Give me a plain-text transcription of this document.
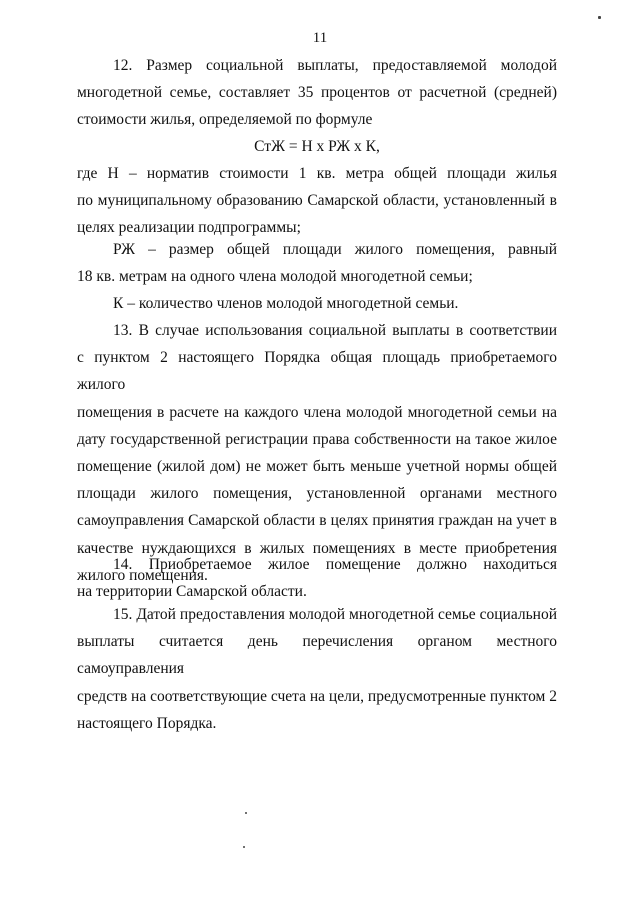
11
12. Размер социальной выплаты, предоставляемой молодой
многодетной семье, составляет 35 процентов от расчетной (средней)
стоимости жилья, определяемой по формуле
СтЖ = Н х РЖ х К,
где Н – норматив стоимости 1 кв. метра общей площади жилья
по муниципальному образованию Самарской области, установленный в
целях реализации подпрограммы;
РЖ – размер общей площади жилого помещения, равный
18 кв. метрам на одного члена молодой многодетной семьи;
К – количество членов молодой многодетной семьи.
13. В случае использования социальной выплаты в соответствии
с пунктом 2 настоящего Порядка общая площадь приобретаемого жилого
помещения в расчете на каждого члена молодой многодетной семьи на
дату государственной регистрации права собственности на такое жилое
помещение (жилой дом) не может быть меньше учетной нормы общей
площади жилого помещения, установленной органами местного
самоуправления Самарской области в целях принятия граждан на учет в
качестве нуждающихся в жилых помещениях в месте приобретения
жилого помещения.
14. Приобретаемое жилое помещение должно находиться
на территории Самарской области.
15. Датой предоставления молодой многодетной семье социальной
выплаты считается день перечисления органом местного самоуправления
средств на соответствующие счета на цели, предусмотренные пунктом 2
настоящего Порядка.
